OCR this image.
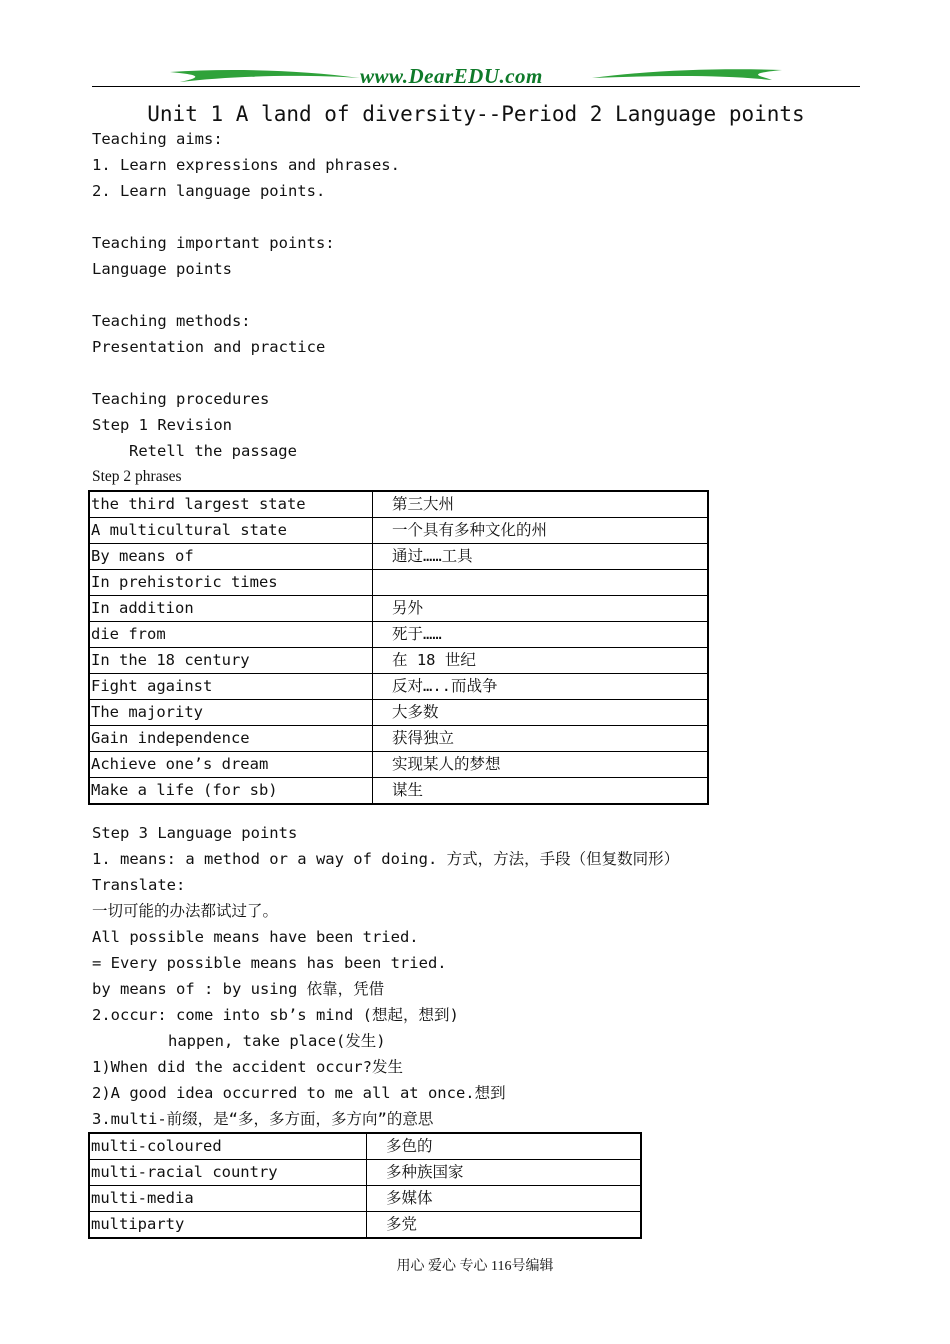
www.DearEDU.com
Unit 1 A land of diversity--Period 2 Language points
Teaching aims:
1. Learn expressions and phrases.
2. Learn language points.
Teaching important points:
Language points
Teaching methods:
Presentation and practice
Teaching procedures
Step 1 Revision
Retell the passage
Step 2 phrases
the third largest state	第三大州
A multicultural state	一个具有多种文化的州
By means of	通过……工具
In prehistoric times	
In addition	另外
die from	死于……
In the 18 century	在 18 世纪
Fight against	反对…..而战争
The majority	大多数
Gain independence	获得独立
Achieve one’s dream	实现某人的梦想
Make a life (for sb)	谋生
Step 3 Language points
1. means: a method or a way of doing. 方式，方法，手段（但复数同形）
Translate:
一切可能的办法都试过了。
All possible means have been tried.
= Every possible means has been tried.
by means of : by using 依靠，凭借
2.occur: come into sb’s mind (想起，想到)
happen, take place(发生)
1)When did the accident occur?发生
2)A good idea occurred to me all at once.想到
3.multi-前缀，是“多，多方面，多方向”的意思
multi-coloured	多色的
multi-racial country	多种族国家
multi-media	多媒体
multiparty	多党
用心 爱心 专心 116号编辑
